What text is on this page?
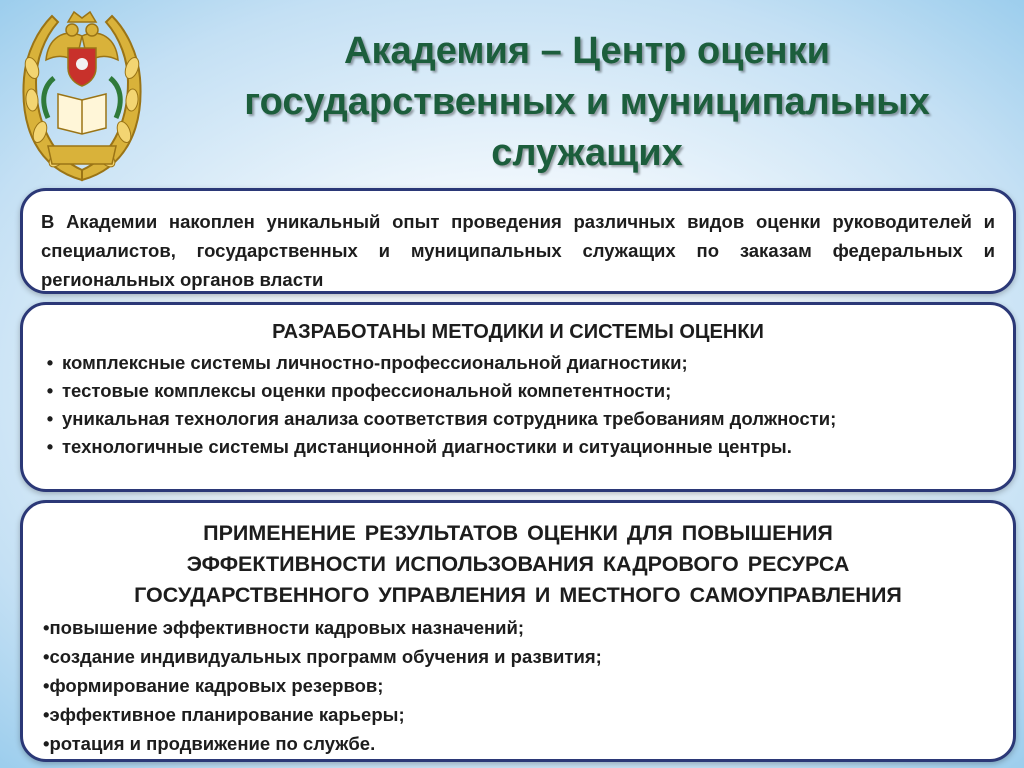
Академия – Центр оценки
государственных и муниципальных
служащих

В Академии накоплен уникальный опыт проведения различных видов оценки руководителей и специалистов, государственных и муниципальных служащих по заказам федеральных и региональных органов власти

РАЗРАБОТАНЫ МЕТОДИКИ И СИСТЕМЫ ОЦЕНКИ
• комплексные системы личностно-профессиональной диагностики;
• тестовые комплексы оценки профессиональной компетентности;
• уникальная технология анализа соответствия сотрудника требованиям должности;
• технологичные системы дистанционной диагностики и ситуационные центры.
ПРИМЕНЕНИЕ РЕЗУЛЬТАТОВ ОЦЕНКИ ДЛЯ ПОВЫШЕНИЯ
ЭФФЕКТИВНОСТИ ИСПОЛЬЗОВАНИЯ КАДРОВОГО РЕСУРСА
ГОСУДАРСТВЕННОГО УПРАВЛЕНИЯ И МЕСТНОГО САМОУПРАВЛЕНИЯ
•повышение эффективности кадровых назначений;
•создание индивидуальных программ обучения и развития;
•формирование кадровых резервов;
•эффективное планирование карьеры;
•ротация и продвижение по службе.
